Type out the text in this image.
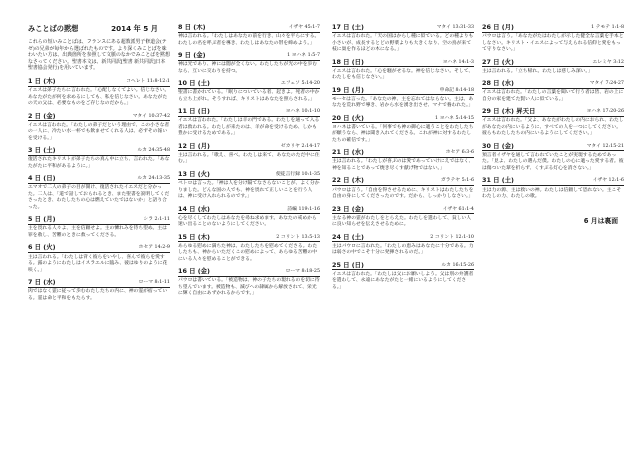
みことばの黙想	2014 年 5 月

これらの短いみことばは、フランスにある超教派男子修道会(テゼ)の兄弟が毎年から選ばれたものです。より深くみことばを味わいたい方は、出典箇所を参照して文脈のなかでみことばを黙想なさってください。聖書本文は、新共同訳[聖書 新共同訳]日本聖書協会発行)を用いています。

1 日 (木)	コヘレト 11:8-12:1

イエスは弟子たちに言われた。「心配しなくてよい。信じなさい。あなたがたが何を求めるにしても、私を信じなさい。あなたがたの天の父は、必要なものをご存じなのだから。」

2 日 (金)	マタイ 10:37-42

イエスは言われた。「わたしの弟子だという理由で、この小さな者の一人に、冷たい水一杯でも飲ませてくれる人は、必ずその報いを受ける。」

3 日 (土)	ルカ 24:35-48

復活されたキリストが弟子たちの真ん中に立ち、言われた。「あなたがたに平和があるように。」

4 日 (日)	ルカ 24:13-35

エマオで二人の弟子の目が開け、復活されたイエスだと分かった。二人は、「道で話しておられるとき、また聖書を説明してくださったとき、わたしたちの心は燃えていたではないか」と語り合った。

5 日 (月)	シラ 2:1-11

主を畏れる人々よ、主を信頼せよ。主の憐れみを待ち望め。主は罪を赦し、苦難のときに救ってくださる。

6 日 (火)	ホセア 14:2-9

主は言われる。「わたしは背く彼らをいやし、喜んで彼らを愛する。露のようにわたしはイスラエルに臨み、彼はゆりのように花咲く。」

7 日 (水)	ローマ 8:1-11

肉ではなく霊に従って歩むわたしたちの内に、神の霊が宿っている。霊は命と平和をもたらす。

8 日 (木)	イザヤ 45:1-7

神は言われる。「わたしはあなたの前を行き、山々を平らにする。わたしの名を呼ぶ者を導き、わたしはあなたの帯を締めよう。」

9 日 (金)	1 ヨハネ 1:5-7

神は光であり、神には闇が全くない。わたしたちが光の中を歩むなら、互いに交わりを持つ。

10 日 (土)	エフェソ 5:14-20

聖書に書かれている。「眠りについている者、起きよ。死者の中から立ち上がれ。そうすれば、キリストはあなたを照らされる。」

11 日 (日)	ヨハネ 10:1-10

イエスは言われた。「わたしは羊の門である。わたしを通って入る者は救われる。わたしが来たのは、羊が命を受けるため、しかも豊かに受けるためである。」

12 日 (月)	ゼカリヤ 2:14-17

主は言われる。「歌え、喜べ。わたしは来て、あなたのただ中に住む。」

13 日 (火)	使徒言行録 10:1-35

ペトロは言った。「神は人を分け隔てなさらないことが、よく分かりました。どんな国の人でも、神を畏れて正しいことを行う人は、神に受け入れられるのです。」

14 日 (水)	詩編 119:1-16

心を尽くしてわたしはあなたを尋ね求めます。あなたの戒めから迷い出ることのないようにしてください。

15 日 (木)	2 コリント 13:5-13

あらゆる慰めに満ちた神は、わたしたちを慰めてくださる。わたしたちも、神からいただくこの慰めによって、あらゆる苦難の中にいる人々を慰めることができる。

16 日 (金)	ローマ 8:18-25

パウロは書いている。「被造物は、神の子たちの現れるのを切に待ち望んでいます。被造物も、滅びへの隷属から解放されて、栄光に輝く自由にあずかれるからです。」

17 日 (土)	マタイ 13:31-33

イエスは言われた。「天の国はからし種に似ている。どの種よりも小さいが、成長するとどの野菜よりも大きくなり、空の鳥が来て枝に巣を作るほどの木になる。」

18 日 (日)	ヨハネ 14:1-3

イエスは言われた。「心を騒がせるな。神を信じなさい。そして、わたしをも信じなさい。」

19 日 (月)	申命記 8:14-18

モーセは言った。「あなたの神、主を忘れてはならない。主は、あなたを荒れ野で導き、岩から水を湧き出させ、マナで養われた。」

20 日 (火)	1 ヨハネ 5:14-15

ヨハネは書いている。「何事でも神の御心に適うことをわたしたちが願うなら、神は聞き入れてくださる。これが神に対するわたしたちの確信です。」

21 日 (水)	ホセア 6:3-6

主は言われる。「わたしが喜ぶのは愛であっていけにえではなく、神を知ることであって焼き尽くす献げ物ではない。」

22 日 (木)	ガラテヤ 5:1-6

パウロは言う。「自由を得させるために、キリストはわたしたちを自由の身にしてくださったのです。だから、しっかりしなさい。」

23 日 (金)	イザヤ 61:1-4

主なる神の霊がわたしをとらえた。わたしを遣わして、貧しい人に良い知らせを伝えさせるために。

24 日 (土)	2 コリント 12:1-10

主はパウロに言われた。「わたしの恵みはあなたに十分である。力は弱さの中でこそ十分に発揮されるのだ。」

25 日 (日)	ルカ 16:15-26

イエスは言われた。「わたしは父にお願いしよう。父は別の弁護者を遣わして、永遠にあなたがたと一緒にいるようにしてくださる。」

26 日 (月)	1 テモテ 1:1-8

パウロは言う。「あなたがたはわたしが示した健全な言葉を手本としなさい。キリスト・イエスによって与えられる信仰と愛をもって守りなさい。」

27 日 (火)	エレミヤ 3:12

主は言われる。「立ち帰れ。わたしは慈しみ深い。」

28 日 (水)	マタイ 7:24-27

イエスは言われた。「わたしの言葉を聞いて行う者は皆、岩の上に自分の家を建てた賢い人に似ている。」

29 日 (木) 昇天日	ヨハネ 17:20-26

イエスは言われた。「父よ、あなたがわたしの内におられ、わたしがあなたの内にいるように、すべての人を一つにしてください。彼らもわたしたちの内にいるようにしてください。」

30 日 (金)	マタイ 12:15-21

預言者イザヤを通して言われていたことが実現するためであった。「見よ、わたしの選んだ僕。わたしの心に適った愛する者。彼は傷ついた葦を折らず、くすぶる灯心を消さない。」

31 日 (土)	イザヤ 12:1-6

主は力の源、主は救いの神。わたしは信頼して恐れない。主こそわたしの力、わたしの歌。

6 月は裏面
